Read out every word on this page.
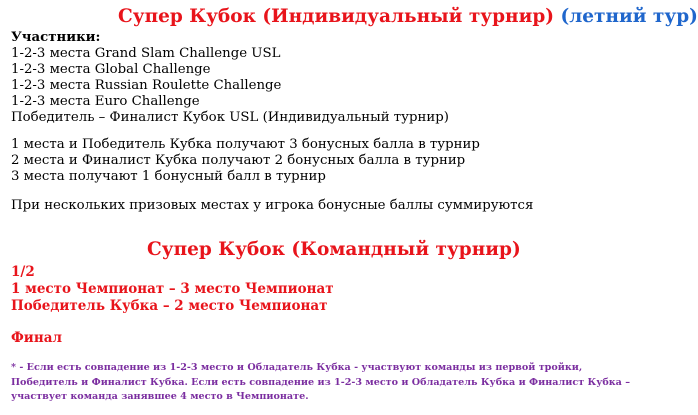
Супер Кубок (Индивидуальный турнир) (летний тур)
Участники:
1-2-3 места Grand Slam Challenge USL
1-2-3 места Global Challenge
1-2-3 места Russian Roulette Challenge
1-2-3 места Euro Challenge
Победитель – Финалист Кубок USL (Индивидуальный турнир)
1 места и Победитель Кубка получают 3 бонусных балла в турнир
2 места и Финалист Кубка получают 2 бонусных балла в турнир
3 места получают 1 бонусный балл в турнир
При нескольких призовых местах у игрока бонусные баллы суммируются
Супер Кубок (Командный турнир)
1/2
1 место Чемпионат – 3 место Чемпионат
Победитель Кубка – 2 место Чемпионат
Финал
* - Если есть совпадение из 1-2-3 место и Обладатель Кубка - участвуют команды из первой тройки, Победитель и Финалист Кубка. Если есть совпадение из 1-2-3 место и Обладатель Кубка и Финалист Кубка – участвует команда занявшее 4 место в Чемпионате.
